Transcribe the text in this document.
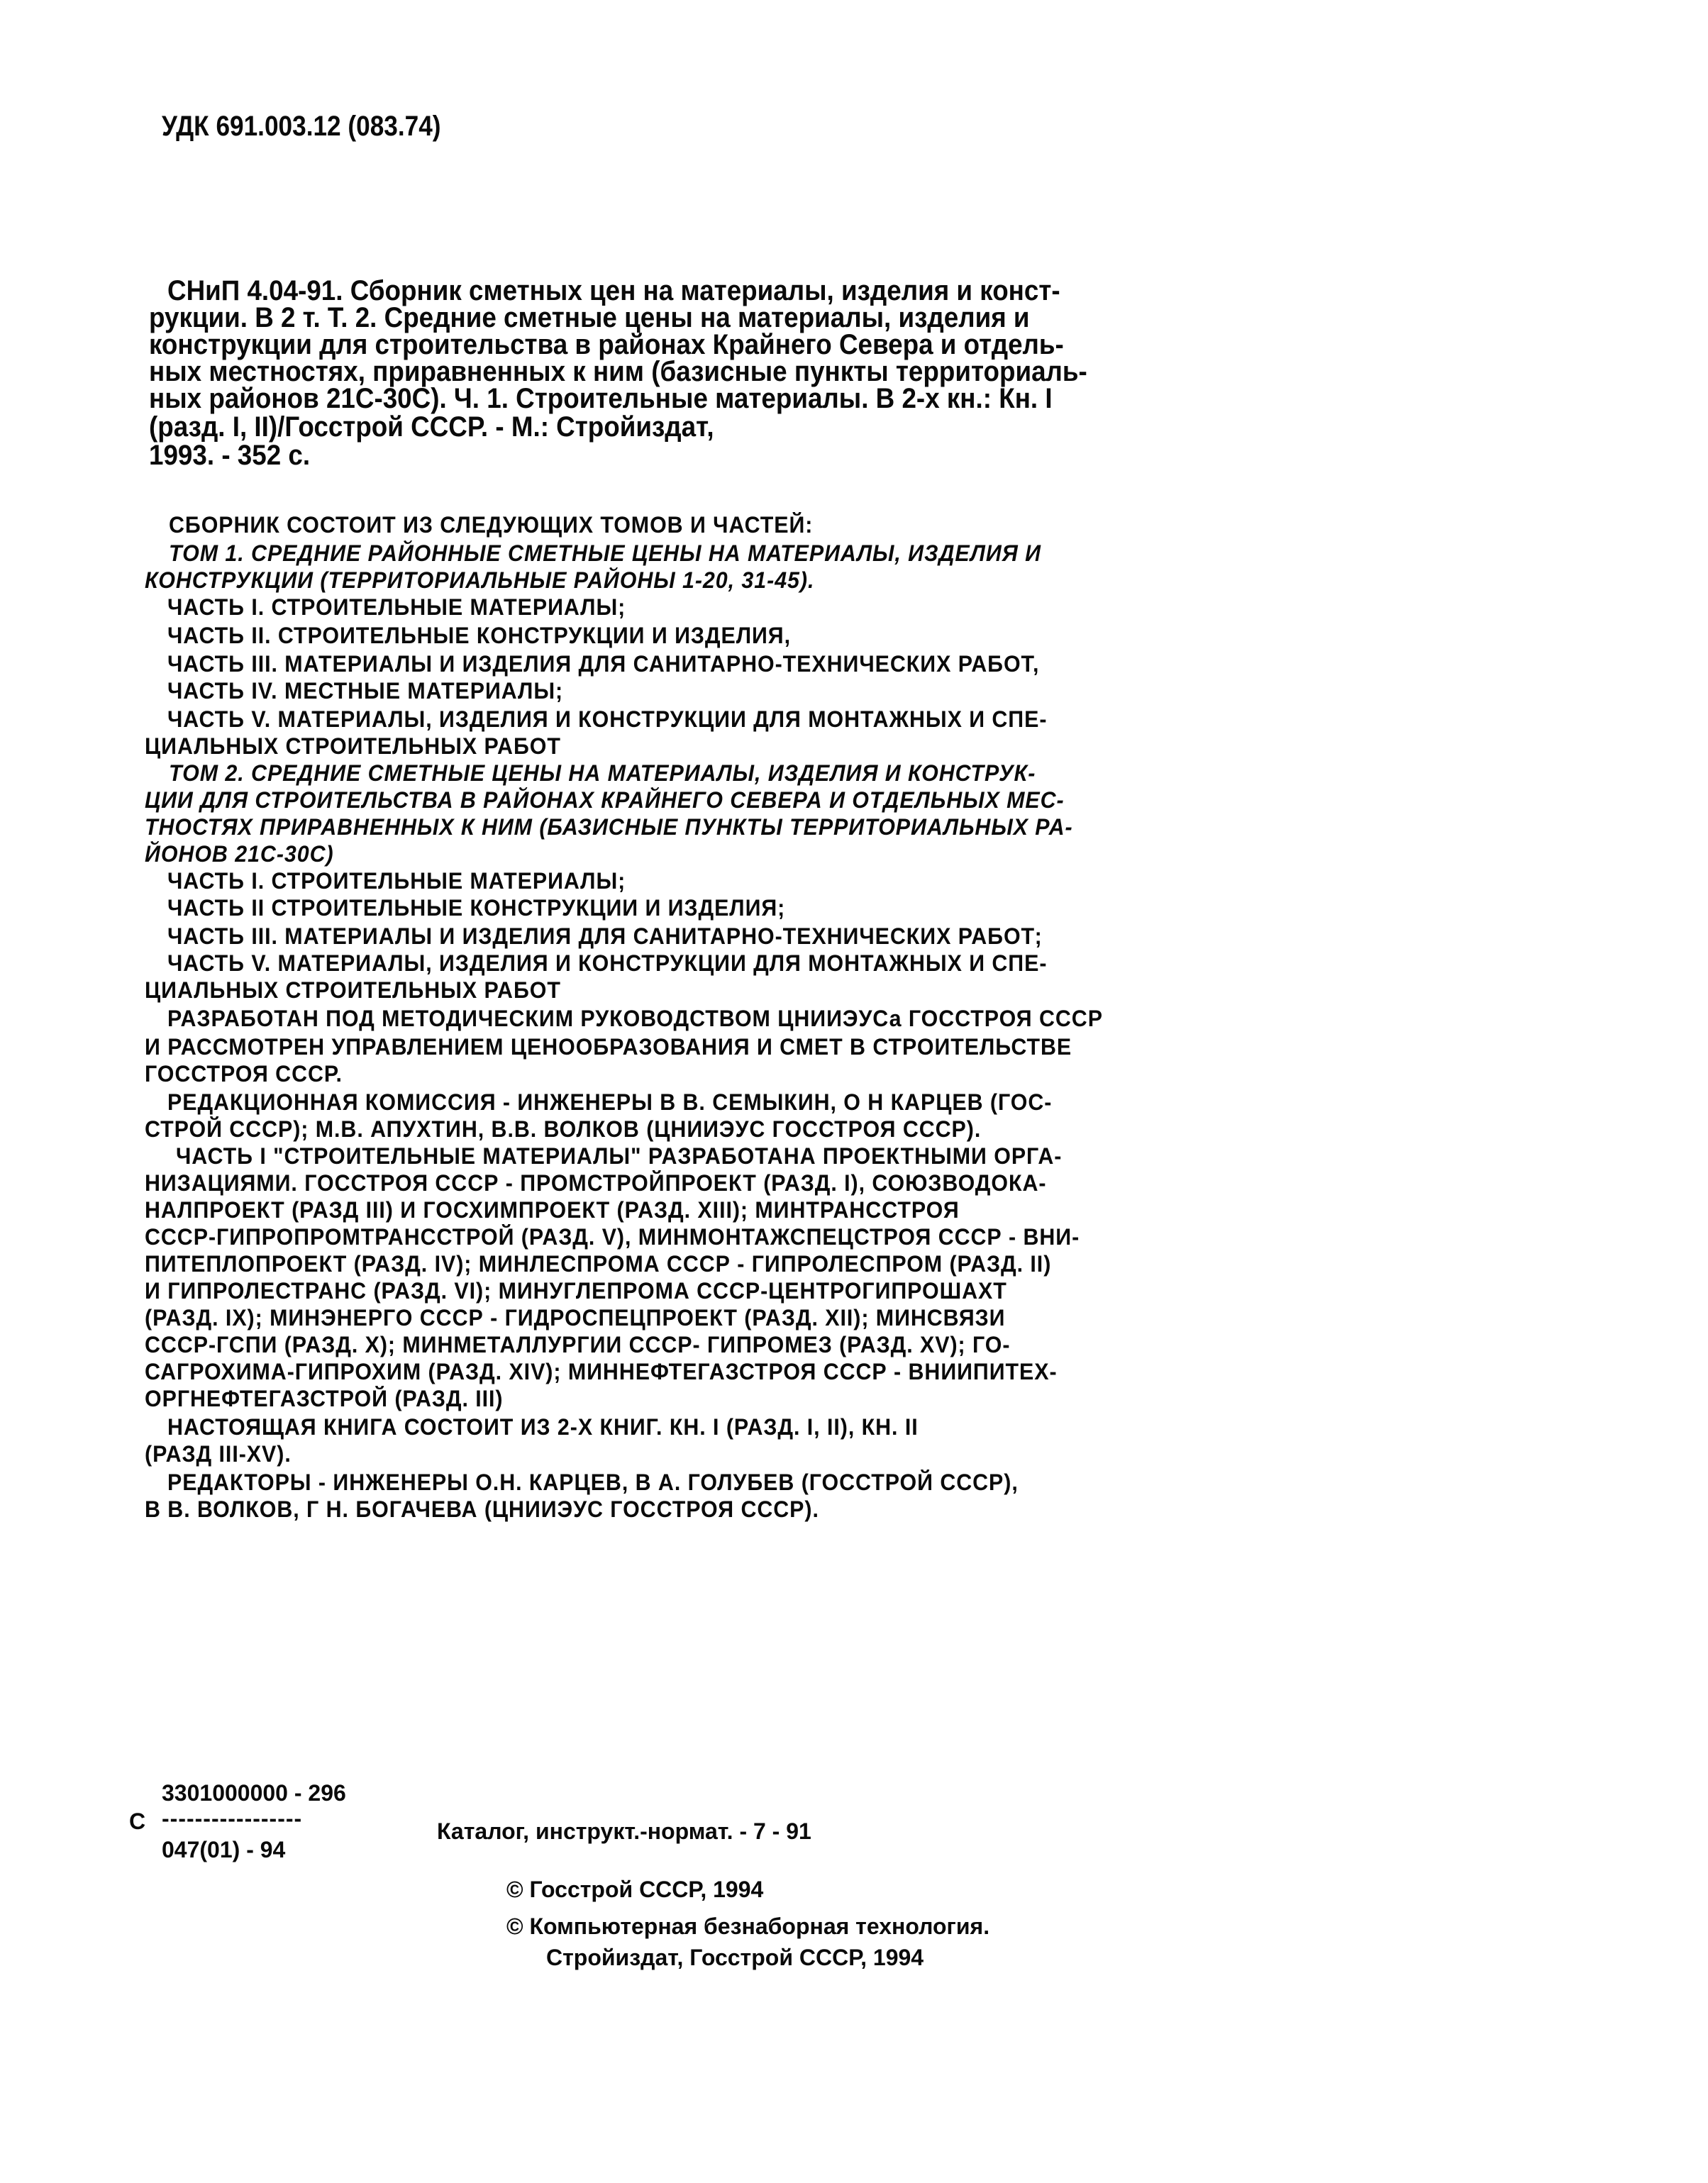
УДК 691.003.12 (083.74)
СНиП 4.04-91. Сборник сметных цен на материалы, изделия и конст-
рукции. В 2 т. Т. 2. Средние сметные цены на материалы, изделия и
конструкции для строительства в районах Крайнего Севера и отдель-
ных местностях, приравненных к ним (базисные пункты территориаль-
ных районов 21С-30С). Ч. 1. Строительные материалы. В 2-х кн.: Кн. I
(разд. I, II)/Госстрой СССР. - М.: Стройиздат,
1993. - 352 с.
СБОРНИК СОСТОИТ ИЗ СЛЕДУЮЩИХ ТОМОВ И ЧАСТЕЙ:
ТОМ 1. СРЕДНИЕ РАЙОННЫЕ СМЕТНЫЕ ЦЕНЫ НА МАТЕРИАЛЫ, ИЗДЕЛИЯ И
КОНСТРУКЦИИ (ТЕРРИТОРИАЛЬНЫЕ РАЙОНЫ 1-20, 31-45).
ЧАСТЬ I. СТРОИТЕЛЬНЫЕ МАТЕРИАЛЫ;
ЧАСТЬ II. СТРОИТЕЛЬНЫЕ КОНСТРУКЦИИ И ИЗДЕЛИЯ,
ЧАСТЬ III. МАТЕРИАЛЫ И ИЗДЕЛИЯ ДЛЯ САНИТАРНО-ТЕХНИЧЕСКИХ РАБОТ,
ЧАСТЬ IV. МЕСТНЫЕ МАТЕРИАЛЫ;
ЧАСТЬ V. МАТЕРИАЛЫ, ИЗДЕЛИЯ И КОНСТРУКЦИИ ДЛЯ МОНТАЖНЫХ И СПЕ-
ЦИАЛЬНЫХ СТРОИТЕЛЬНЫХ РАБОТ
ТОМ 2. СРЕДНИЕ СМЕТНЫЕ ЦЕНЫ НА МАТЕРИАЛЫ, ИЗДЕЛИЯ И КОНСТРУК-
ЦИИ ДЛЯ СТРОИТЕЛЬСТВА В РАЙОНАХ КРАЙНЕГО СЕВЕРА И ОТДЕЛЬНЫХ МЕС-
ТНОСТЯХ ПРИРАВНЕННЫХ К НИМ (БАЗИСНЫЕ ПУНКТЫ ТЕРРИТОРИАЛЬНЫХ РА-
ЙОНОВ 21С-30С)
ЧАСТЬ I. СТРОИТЕЛЬНЫЕ МАТЕРИАЛЫ;
ЧАСТЬ II СТРОИТЕЛЬНЫЕ КОНСТРУКЦИИ И ИЗДЕЛИЯ;
ЧАСТЬ III. МАТЕРИАЛЫ И ИЗДЕЛИЯ ДЛЯ САНИТАРНО-ТЕХНИЧЕСКИХ РАБОТ;
ЧАСТЬ V. МАТЕРИАЛЫ, ИЗДЕЛИЯ И КОНСТРУКЦИИ ДЛЯ МОНТАЖНЫХ И СПЕ-
ЦИАЛЬНЫХ СТРОИТЕЛЬНЫХ РАБОТ
РАЗРАБОТАН ПОД МЕТОДИЧЕСКИМ РУКОВОДСТВОМ ЦНИИЭУСа ГОССТРОЯ СССР
И РАССМОТРЕН УПРАВЛЕНИЕМ ЦЕНООБРАЗОВАНИЯ И СМЕТ В СТРОИТЕЛЬСТВЕ
ГОССТРОЯ СССР.
РЕДАКЦИОННАЯ КОМИССИЯ - ИНЖЕНЕРЫ В В. СЕМЫКИН, О Н КАРЦЕВ (ГОС-
СТРОЙ СССР); М.В. АПУХТИН, В.В. ВОЛКОВ (ЦНИИЭУС ГОССТРОЯ СССР).
ЧАСТЬ I "СТРОИТЕЛЬНЫЕ МАТЕРИАЛЫ" РАЗРАБОТАНА ПРОЕКТНЫМИ ОРГА-
НИЗАЦИЯМИ. ГОССТРОЯ СССР - ПРОМСТРОЙПРОЕКТ (РАЗД. I), СОЮЗВОДОКА-
НАЛПРОЕКТ (РАЗД III) И ГОСХИМПРОЕКТ (РАЗД. XIII); МИНТРАНССТРОЯ
СССР-ГИПРОПРОМТРАНССТРОЙ (РАЗД. V), МИНМОНТАЖСПЕЦСТРОЯ СССР - ВНИ-
ПИТЕПЛОПРОЕКТ (РАЗД. IV); МИНЛЕСПРОМА СССР - ГИПРОЛЕСПРОМ (РАЗД. II)
И ГИПРОЛЕСТРАНС (РАЗД. VI); МИНУГЛЕПРОМА СССР-ЦЕНТРОГИПРОШАХТ
(РАЗД. IX); МИНЭНЕРГО СССР - ГИДРОСПЕЦПРОЕКТ (РАЗД. XII); МИНСВЯЗИ
СССР-ГСПИ (РАЗД. X); МИНМЕТАЛЛУРГИИ СССР- ГИПРОМЕЗ (РАЗД. XV); ГО-
САГРОХИМА-ГИПРОХИМ (РАЗД. XIV); МИННЕФТЕГАЗСТРОЯ СССР - ВНИИПИТЕХ-
ОРГНЕФТЕГАЗСТРОЙ (РАЗД. III)
НАСТОЯЩАЯ КНИГА СОСТОИТ ИЗ 2-Х КНИГ. КН. I (РАЗД. I, II), КН. II
(РАЗД III-XV).
РЕДАКТОРЫ - ИНЖЕНЕРЫ О.Н. КАРЦЕВ, В А. ГОЛУБЕВ (ГОССТРОЙ СССР),
В В. ВОЛКОВ, Г Н. БОГАЧЕВА (ЦНИИЭУС ГОССТРОЯ СССР).
3301000000 - 296
С -----------------
047(01) - 94
Каталог, инструкт.-нормат. - 7 - 91
© Госстрой СССР, 1994
© Компьютерная безнаборная технология.
Стройиздат, Госстрой СССР, 1994
